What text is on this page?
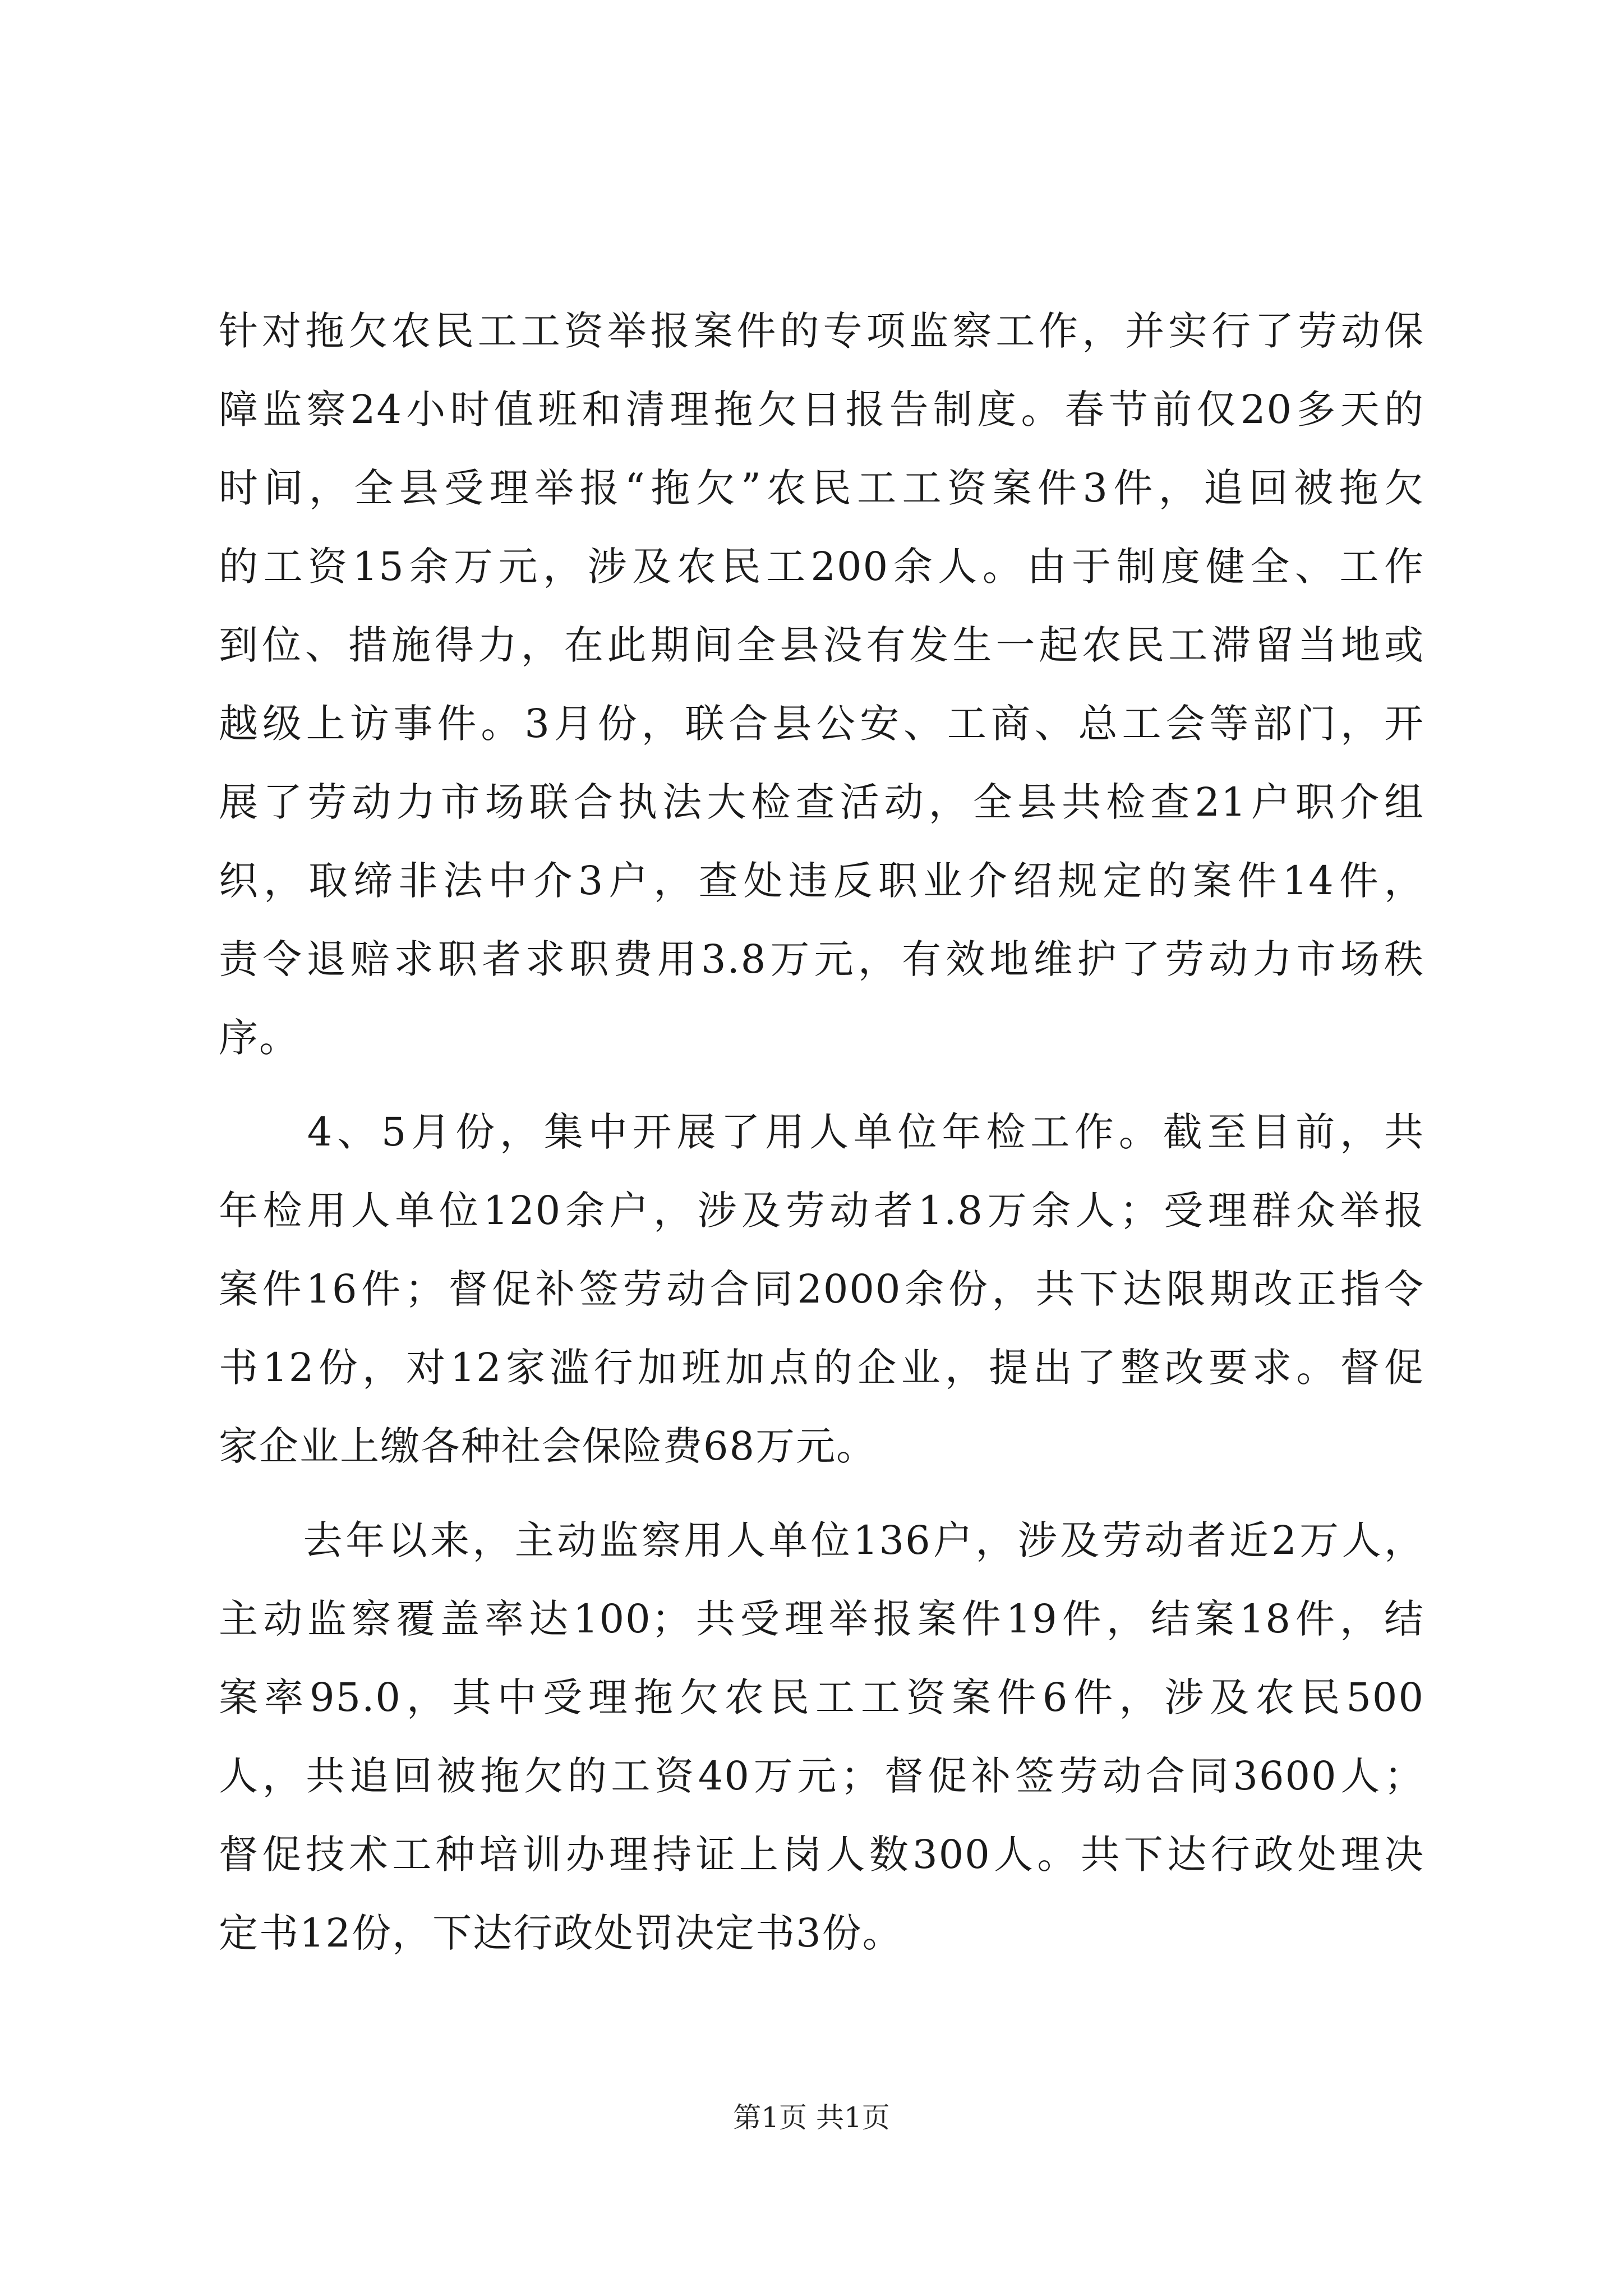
针对拖欠农民工工资举报案件的专项监察工作，并实行了劳动保
障监察24小时值班和清理拖欠日报告制度。春节前仅20多天的
时间，全县受理举报“拖欠”农民工工资案件3件，追回被拖欠
的工资15余万元，涉及农民工200余人。由于制度健全、工作
到位、措施得力，在此期间全县没有发生一起农民工滞留当地或
越级上访事件。3月份，联合县公安、工商、总工会等部门，开
展了劳动力市场联合执法大检查活动，全县共检查21户职介组
织，取缔非法中介3户，查处违反职业介绍规定的案件14件，
责令退赔求职者求职费用3.8万元，有效地维护了劳动力市场秩
序。
　　4、5月份，集中开展了用人单位年检工作。截至目前，共
年检用人单位120余户，涉及劳动者1.8万余人；受理群众举报
案件16件；督促补签劳动合同2000余份，共下达限期改正指令
书12份，对12家滥行加班加点的企业，提出了整改要求。督促
家企业上缴各种社会保险费68万元。
　　去年以来，主动监察用人单位136户，涉及劳动者近2万人，
主动监察覆盖率达100；共受理举报案件19件，结案18件，结
案率95.0，其中受理拖欠农民工工资案件6件，涉及农民500
人，共追回被拖欠的工资40万元；督促补签劳动合同3600人；
督促技术工种培训办理持证上岗人数300人。共下达行政处理决
定书12份，下达行政处罚决定书3份。
第1页 共1页
